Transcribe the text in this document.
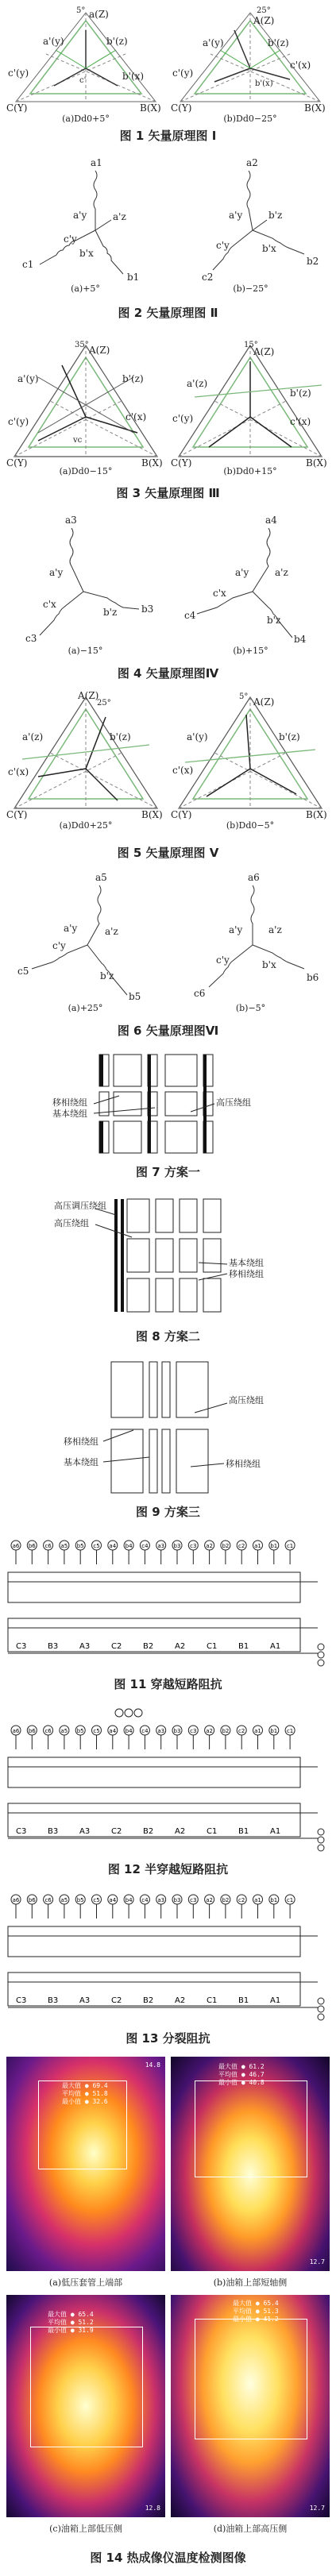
5° a(Z)
a'(y)	b'(z)
c'(y)	b'(x)
C(Y)	B(X)
c'
(a)Dd0+5°
25°
A(Z)
a'(y)	b'(z)
c'(y)
c'(x)
C(Y)	B(X)
b'(x)
(b)Dd0−25°
图 1 矢量原理图 Ⅰ
a1
a'y	a'z
c1
c'y
b'x
b1
(a)+5°
a2
a'y	b'z
c2
c'y	b'x
b2
(b)−25°
图 2 矢量原理图 Ⅱ
35° A(Z)
a'(y)	b'(z)
c'(y)	c'(x)
C(Y)	B(X)
vc
(a)Dd0−15°
15°
A(Z)
a'(z)
b'(z)
c'(y)	c'(x)
C(Y)	B(X)
(b)Dd0+15°
图 3 矢量原理图 Ⅲ
a3
a'y
b'z
c3
c'x	b3
(a)−15°
a4
a'y	a'z
c4
c'x
b'z
b4
(b)+15°
图 4 矢量原理图Ⅳ
25°
A(Z)
a'(z)	b'(z)
c'(x)
C(Y)	B(X)
(a)Dd0+25°
5° A(Z)
a'(y)	b'(z)
c'(x)
C(Y)	B(X)
(b)Dd0−5°
图 5 矢量原理图 Ⅴ
a5
a'y	a'z
c5
c'y
b'z
b5
(a)+25°
a6
a'y	a'z
c6
c'y	b'x
b6
(b)−5°
图 6 矢量原理图Ⅵ
移相绕组
基本绕组
高压绕组
图 7 方案一
高压调压绕组
高压绕组
基本绕组
移相绕组
图 8 方案二
高压绕组
移相绕组
基本绕组	移相绕组
图 9 方案三
a6 b6 c6 a5 b5 c5 a4 b4 c4 a3 b3 c3 a2 b2 c2 a1 b1 c1
C3	B3	A3	C2	B2	A2	C1	B1	A1
图 11 穿越短路阻抗
a6 b6 c6 a5 b5 c5 a4 b4 c4 a3 b3 c3 a2 b2 c2 a1 b1 c1
C3	B3	A3	C2	B2	A2	C1	B1	A1
图 12 半穿越短路阻抗
a6 b6 c6 a5 b5 c5 a4 b4 c4 a3 b3 c3 a2 b2 c2 a1 b1 c1
C3	B3	A3	C2	B2	A2	C1	B1	A1
图 13 分裂阻抗
最大值 ● 69.4
平均值 ● 51.8
最小值 ● 32.6
14.8
(a)低压套管上端部
最大值 ● 61.2
平均值 ● 46.7
最小值 ● 40.8
12.7
(b)油箱上部短轴侧
最大值 ● 65.4
平均值 ● 51.2
最小值 ● 31.9
12.8
(c)油箱上部低压侧
最大值 ● 65.4
平均值 ● 51.3
最小值 ● 41.2
12.7
(d)油箱上部高压侧
图 14 热成像仪温度检测图像
